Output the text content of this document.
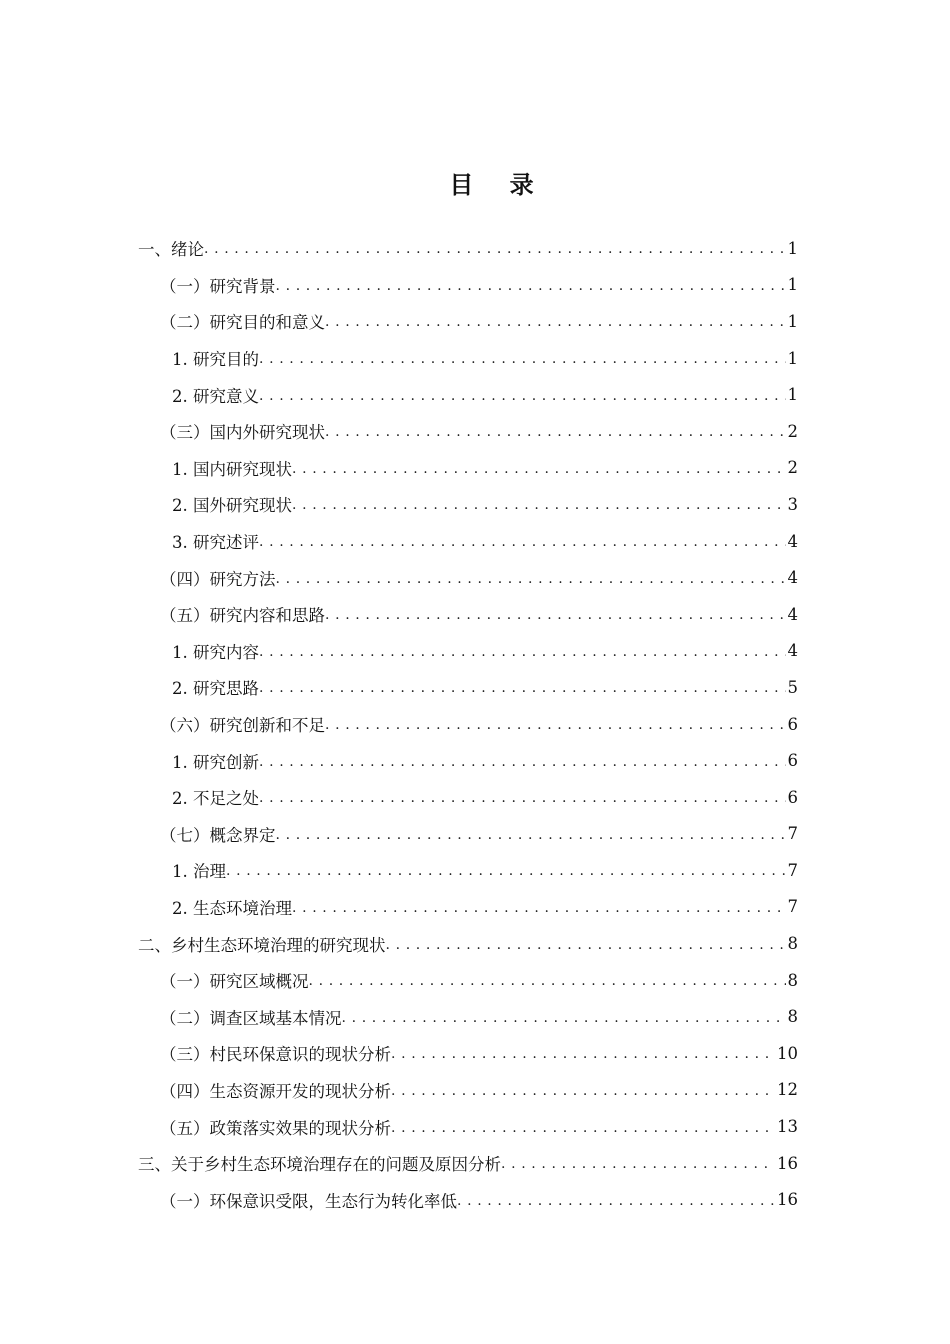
目 录
一、绪论 . . .	1
（一）研究背景 . . .	1
（二）研究目的和意义 . . .	1
1. 研究目的 . . .	1
2. 研究意义 . . .	1
（三）国内外研究现状 . . .	2
1. 国内研究现状 . . .	2
2. 国外研究现状 . . .	3
3. 研究述评 . . .	4
（四）研究方法 . . .	4
（五）研究内容和思路 . . .	4
1. 研究内容 . . .	4
2. 研究思路 . . .	5
（六）研究创新和不足 . . .	6
1. 研究创新 . . .	6
2. 不足之处 . . .	6
（七）概念界定 . . .	7
1. 治理 . . .	7
2. 生态环境治理 . . .	7
二、乡村生态环境治理的研究现状 . . .	8
（一）研究区域概况 . . .	8
（二）调查区域基本情况 . . .	8
（三）村民环保意识的现状分析 . . .	10
（四）生态资源开发的现状分析 . . .	12
（五）政策落实效果的现状分析 . . .	13
三、关于乡村生态环境治理存在的问题及原因分析 . . .	16
（一）环保意识受限，生态行为转化率低 . . .	16
